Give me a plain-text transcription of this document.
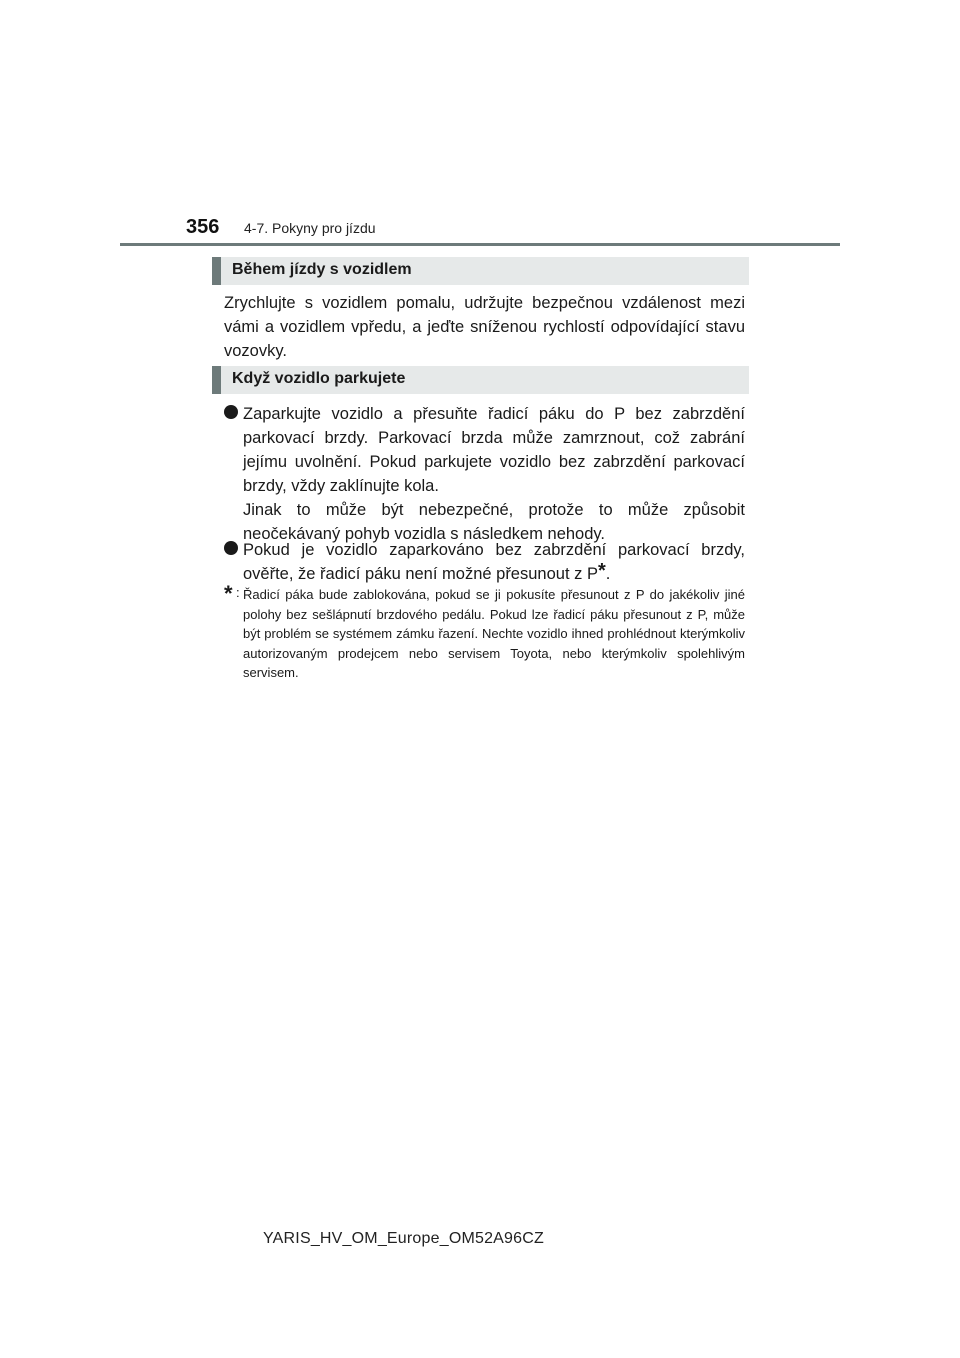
356 4-7. Pokyny pro jízdu
Během jízdy s vozidlem
Zrychlujte s vozidlem pomalu, udržujte bezpečnou vzdálenost mezi vámi a vozidlem vpředu, a jeďte sníženou rychlostí odpovídající stavu vozovky.
Když vozidlo parkujete
Zaparkujte vozidlo a přesuňte řadicí páku do P bez zabrzdění parkovací brzdy. Parkovací brzda může zamrznout, což zabrání jejímu uvolnění. Pokud parkujete vozidlo bez zabrzdění parkovací brzdy, vždy zaklínujte kola.
Jinak to může být nebezpečné, protože to může způsobit neočekávaný pohyb vozidla s následkem nehody.
Pokud je vozidlo zaparkováno bez zabrzdění parkovací brzdy, ověřte, že řadicí páku není možné přesunout z P*.
* : Řadicí páka bude zablokována, pokud se ji pokusíte přesunout z P do jakékoliv jiné polohy bez sešlápnutí brzdového pedálu. Pokud lze řadicí páku přesunout z P, může být problém se systémem zámku řazení. Nechte vozidlo ihned prohlédnout kterýmkoliv autorizovaným prodejcem nebo servisem Toyota, nebo kterýmkoliv spolehlivým servisem.
YARIS_HV_OM_Europe_OM52A96CZ
